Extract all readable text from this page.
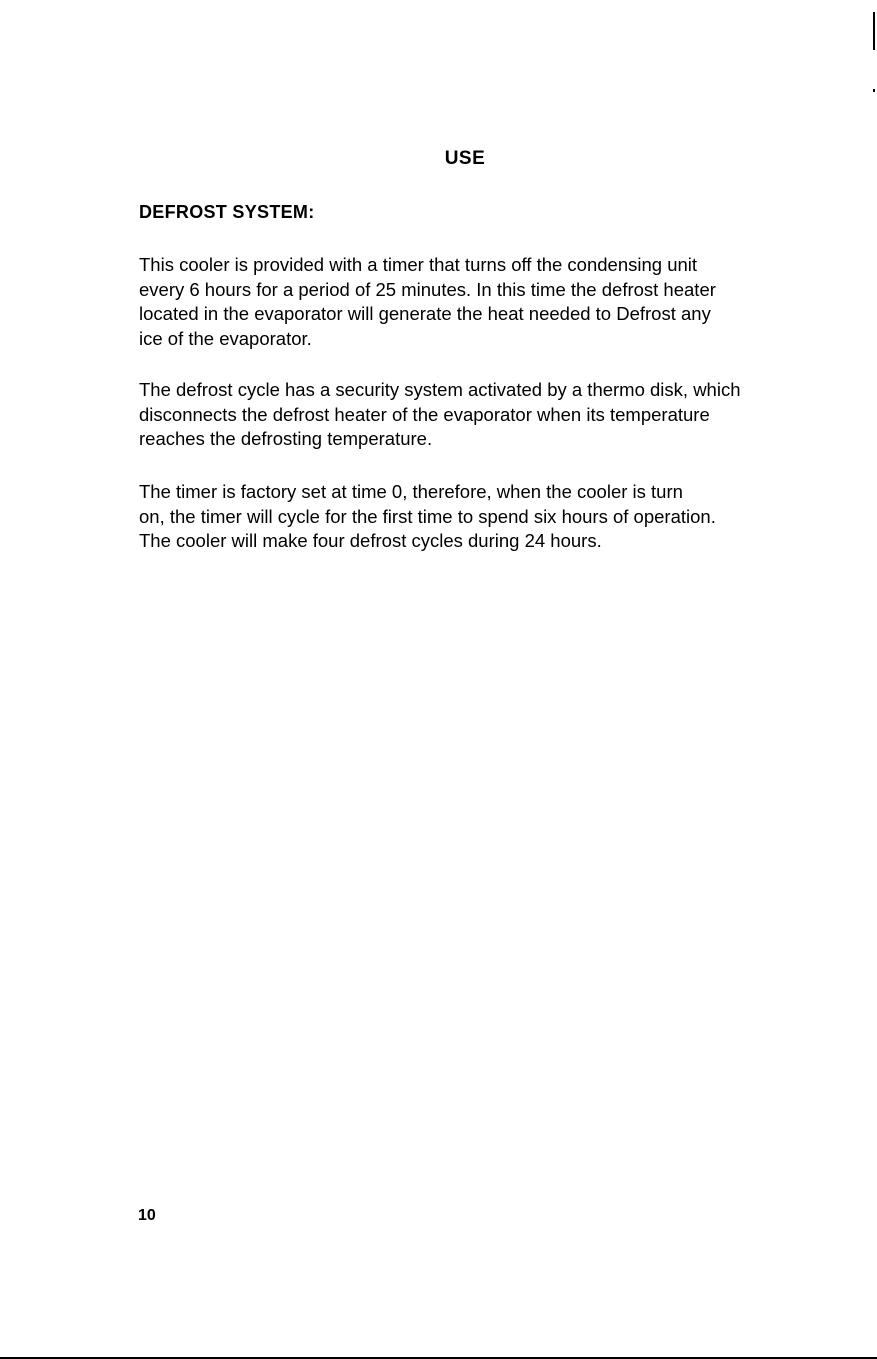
USE
DEFROST SYSTEM:

This cooler is provided with a timer that turns off the condensing unit
every 6 hours for a period of 25 minutes. In this time the defrost heater
located in the evaporator will generate the heat needed to Defrost any
ice of the evaporator.

The defrost cycle has a security system activated by a thermo disk, which
disconnects the defrost heater of the evaporator when its temperature
reaches the defrosting temperature.

The timer is factory set at time 0, therefore, when the cooler is turn
on, the timer will cycle for the first time to spend six hours of operation.
The cooler will make four defrost cycles during 24 hours.

10
